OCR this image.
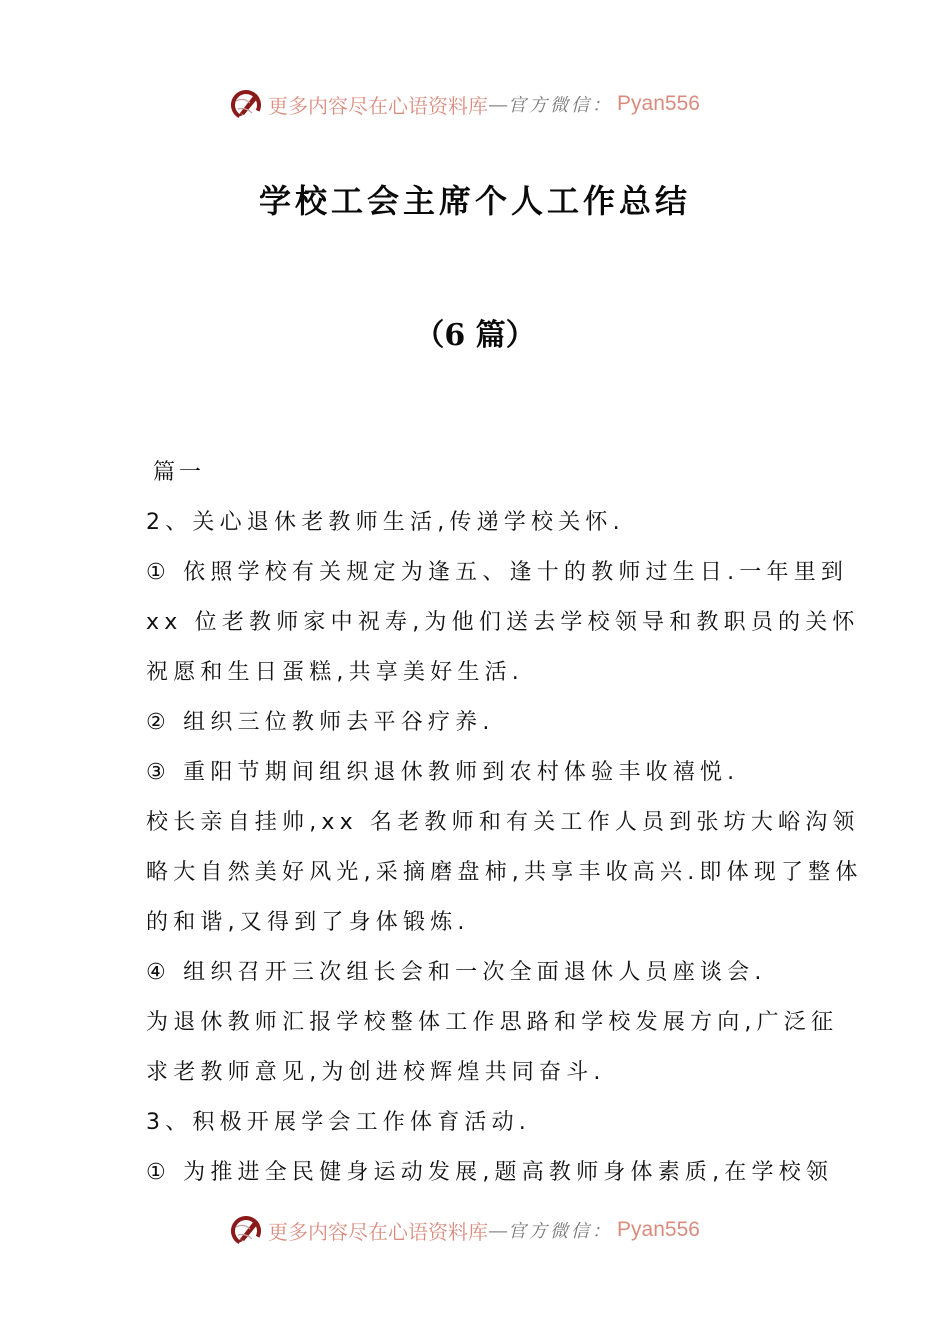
更多内容尽在心语资料库 — 官方微信： Pyan556
学校工会主席个人工作总结
（6 篇）
篇一
2、关心退休老教师生活,传递学校关怀.
① 依照学校有关规定为逢五、逢十的教师过生日.一年里到
xx 位老教师家中祝寿,为他们送去学校领导和教职员的关怀
祝愿和生日蛋糕,共享美好生活.
② 组织三位教师去平谷疗养.
③ 重阳节期间组织退休教师到农村体验丰收禧悦.
校长亲自挂帅,xx 名老教师和有关工作人员到张坊大峪沟领
略大自然美好风光,采摘磨盘柿,共享丰收高兴.即体现了整体
的和谐,又得到了身体锻炼.
④ 组织召开三次组长会和一次全面退休人员座谈会.
为退休教师汇报学校整体工作思路和学校发展方向,广泛征
求老教师意见,为创进校辉煌共同奋斗.
3、积极开展学会工作体育活动.
① 为推进全民健身运动发展,题高教师身体素质,在学校领
更多内容尽在心语资料库 — 官方微信： Pyan556
